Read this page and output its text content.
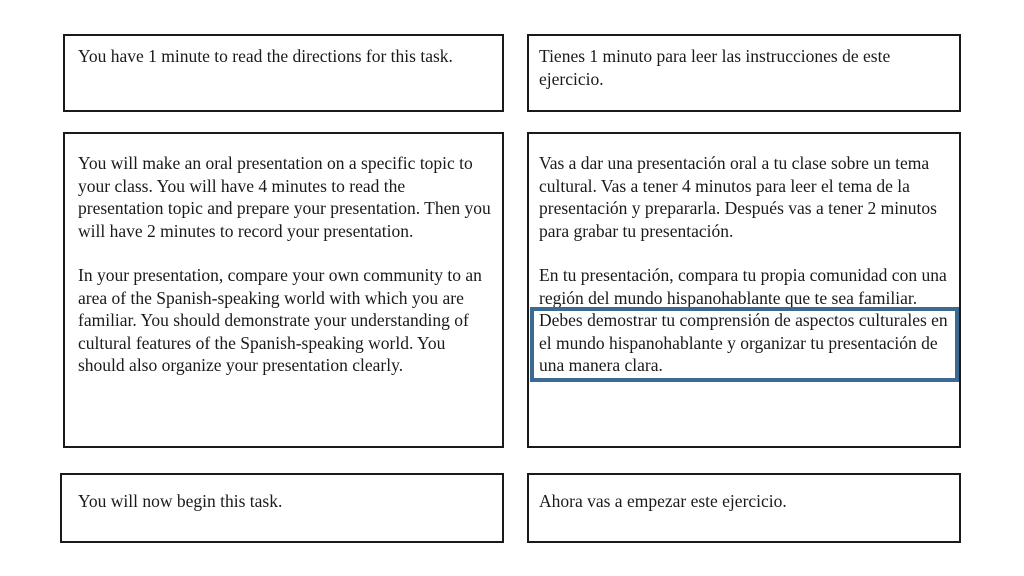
You have 1 minute to read the directions for this task.

You will make an oral presentation on a specific topic to your class. You will have 4 minutes to read the presentation topic and prepare your presentation. Then you will have 2 minutes to record your presentation.

In your presentation, compare your own community to an area of the Spanish-speaking world with which you are familiar. You should demonstrate your understanding of cultural features of the Spanish-speaking world. You should also organize your presentation clearly.

You will now begin this task.

Tienes 1 minuto para leer las instrucciones de este ejercicio.

Vas a dar una presentación oral a tu clase sobre un tema cultural. Vas a tener 4 minutos para leer el tema de la presentación y prepararla. Después vas a tener 2 minutos para grabar tu presentación.

En tu presentación, compara tu propia comunidad con una región del mundo hispanohablante que te sea familiar. Debes demostrar tu comprensión de aspectos culturales en el mundo hispanohablante y organizar tu presentación de una manera clara.

Ahora vas a empezar este ejercicio.
